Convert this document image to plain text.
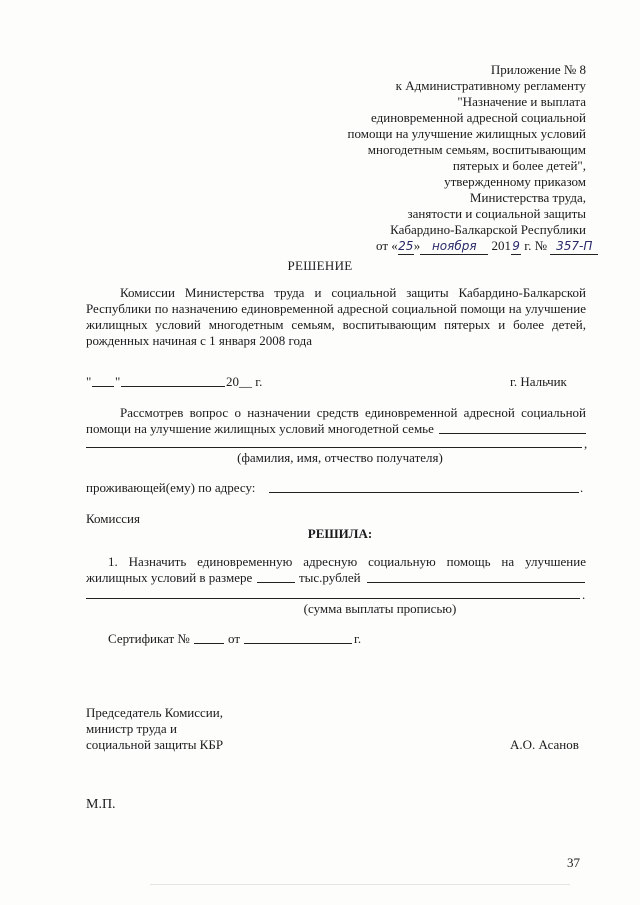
Приложение № 8
к Административному регламенту
"Назначение и выплата
единовременной адресной социальной
помощи на улучшение жилищных условий
многодетным семьям, воспитывающим
пятерых и более детей",
утвержденному приказом
Министерства труда,
занятости и социальной защиты
Кабардино-Балкарской Республики
от «25» ноября 2019 г. № 357-П
РЕШЕНИЕ
Комиссии Министерства труда и социальной защиты Кабардино-Балкарской
Республики по назначению единовременной адресной социальной помощи на улучшение
жилищных условий многодетным семьям, воспитывающим пятерых и более детей,
рожденных начиная с 1 января 2008 года
" "	20__ г.	г. Нальчик
Рассмотрев вопрос о назначении средств единовременной адресной социальной
помощи на улучшение жилищных условий многодетной семье
,
(фамилия, имя, отчество получателя)
проживающей(ему) по адресу:	.
Комиссия
РЕШИЛА:
1. Назначить единовременную адресную социальную помощь на улучшение
жилищных условий в размере	тыс.рублей
.
(сумма выплаты прописью)
Сертификат №	от	г.
Председатель Комиссии,
министр труда и
социальной защиты КБР	А.О. Асанов
М.П.
37
